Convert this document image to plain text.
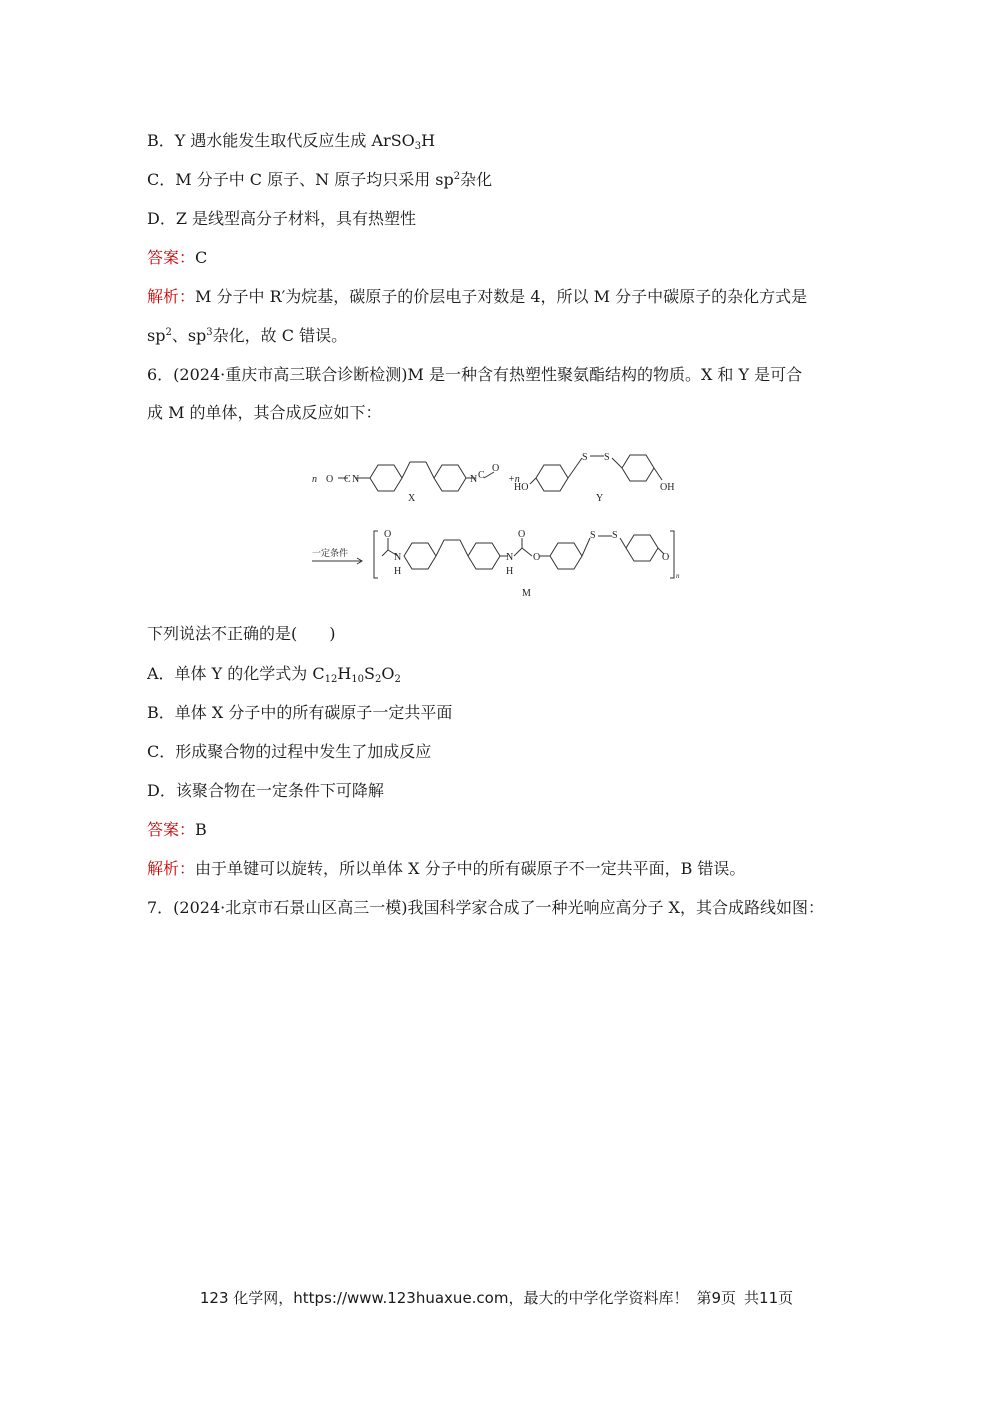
B．Y 遇水能发生取代反应生成 ArSO$_3$H
C．M 分子中 C 原子、N 原子均只采用 $sp^2$杂化
D．Z 是线型高分子材料，具有热塑性
答案：C
解析：M 分子中 R′为烷基，碳原子的价层电子对数是 4，所以 M 分子中碳原子的杂化方式是
$sp^2$、$sp^3$杂化，故 C 错误。
6．(2024·重庆市高三联合诊断检测)M 是一种含有热塑性聚氨酯结构的物质。X 和 Y 是可合
成 M 的单体，其合成反应如下：
n O C N	N C
O
X
+n
S S
HO	OH
Y
一定条件
O
N
H
N
H
O
O
S S
O
n
M
下列说法不正确的是(　　)
A．单体 Y 的化学式为 $C_{12}H_{10}S_2O_2$
B．单体 X 分子中的所有碳原子一定共平面
C．形成聚合物的过程中发生了加成反应
D．该聚合物在一定条件下可降解
答案：B
解析：由于单键可以旋转，所以单体 X 分子中的所有碳原子不一定共平面，B 错误。
7．(2024·北京市石景山区高三一模)我国科学家合成了一种光响应高分子 X，其合成路线如图：
123 化学网，https://www.123huaxue.com，最大的中学化学资料库！ 第9页 共11页
